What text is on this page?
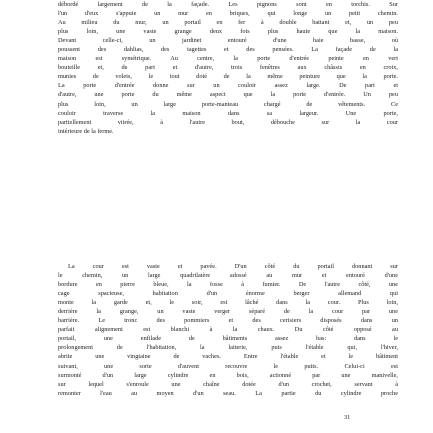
débordé largement de la façade. Les pignons sont en torchis. Sur
l'un d'eux s'appuie un mur en briques, qui longe un petit chemin.
Au milieu du mur, un portail en fer à double battant et, un peu
plus loin, une vaste grange deux fois plus haute que la maison.
Devant celle-ci, un jardinet entouré d'une haie basse, où
poussent des dahlias, des tagettes et des pensées. La façade de la
maison est symétrique. Au centre, la porte d'entrée peinte en vert
bouteille et, de part et d'autre, trois fenêtres aux châssis en croix,
munies de volets, le tout doté de la même peinture que la porte.
La porte d'entrée donne sur un couloir assez large. De part et
d'autre, une porte du même aspect que la porte d'entrée. Un peu
plus loin, un large porte-manteau chargé de vêtements. Ce
couloir traverse la maison dans sa largeur. Une porte,
partiellement vitrée, à l'autre bout, débouche sur la cour
intérieure de la ferme.
La cour est vaste et pavée. D'un côté du portail donnant sur
le chemin, un large quadrilatère adossé au mur et entouré d'une
bordure en pierre bleue, la fosse à fumier. De l'autre côté, une
cage spacieuse, habitation d'un énorme berger allemand qui
monte la garde et, le soir, est lâché dans la cour. Plus loin,
derrière la grange, un vaste verger séparé de la cour par une
barrière. Le tronc des pommiers et des cerisiers disposés dans un
parfait alignement est blanchi à la chaux. Du côté opposé au
portail, une enfilade de bâtiments assez bas: dans le
prolongement de l'habitation, la laiterie, puis l'étable qui, l'hiver,
abrite une vingtaine de vaches. Entre l'étable et le bâtiment
suivant, une sorte d'auvent recouvre le puits. Celui-ci est
surmonté d'un large cylindre en bois, actionné par une manivelle,
sur lequel s'enroule une chaîne dotée d'un crochet, servant à
remonter l'eau au moyen d'un seau. La partie du cylindre proche
31
